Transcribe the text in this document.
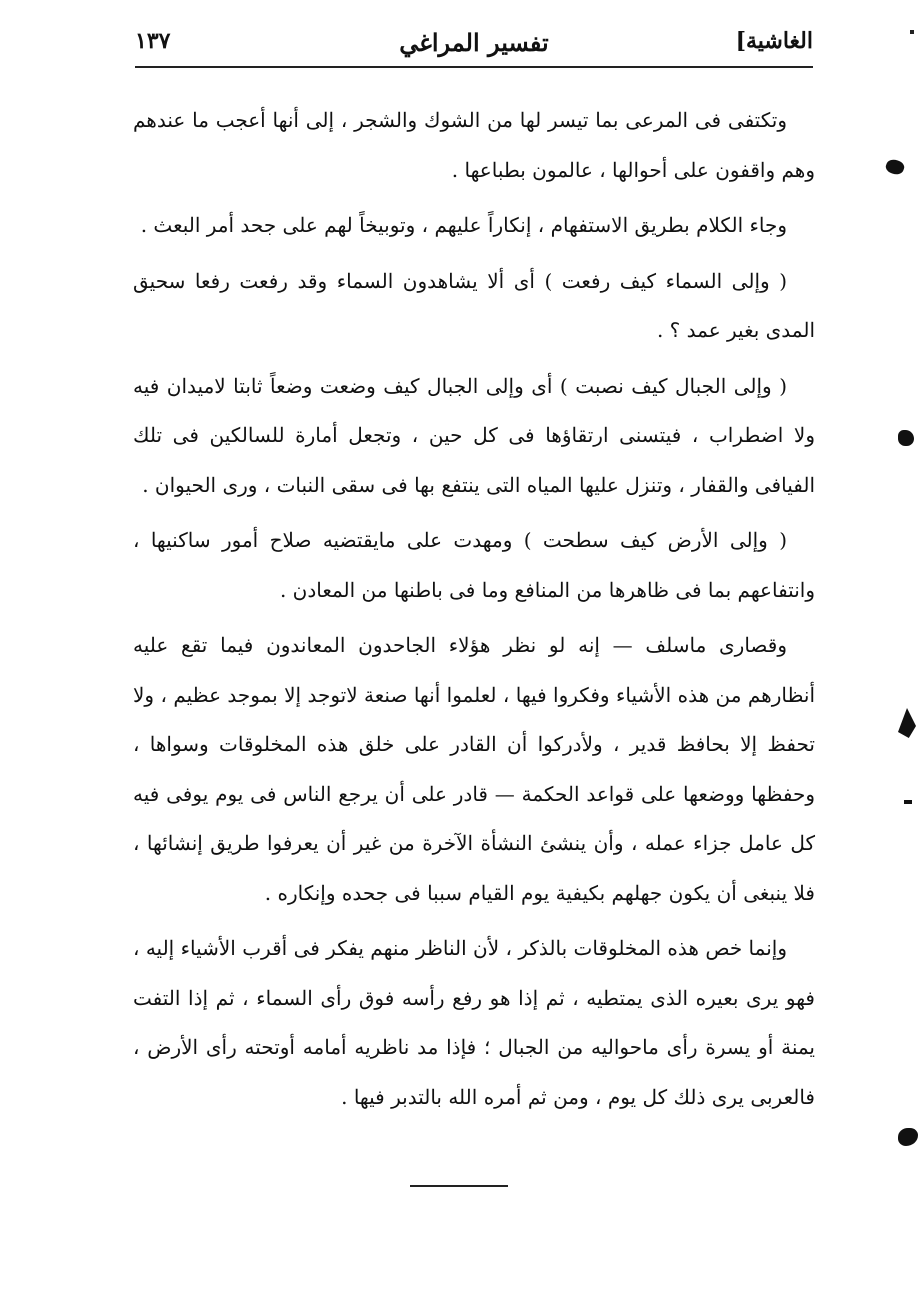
الغاشية]
تفسير المراغي
١٣٧

وتكتفى فى المرعى بما تيسر لها من الشوك والشجر ، إلى أنها أعجب ما عندهم وهم واقفون على أحوالها ، عالمون بطباعها .

وجاء الكلام بطريق الاستفهام ، إنكاراً عليهم ، وتوبيخاً لهم على جحد أمر البعث .

( وإلى السماء كيف رفعت ) أى ألا يشاهدون السماء وقد رفعت رفعا سحيق المدى بغير عمد ؟ .

( وإلى الجبال كيف نصبت ) أى وإلى الجبال كيف وضعت وضعاً ثابتا لاميدان فيه ولا اضطراب ، فيتسنى ارتقاؤها فى كل حين ، وتجعل أمارة للسالكين فى تلك الفيافى والقفار ، وتنزل عليها المياه التى ينتفع بها فى سقى النبات ، ورى الحيوان .

( وإلى الأرض كيف سطحت ) ومهدت على مايقتضيه صلاح أمور ساكنيها ، وانتفاعهم بما فى ظاهرها من المنافع وما فى باطنها من المعادن .

وقصارى ماسلف — إنه لو نظر هؤلاء الجاحدون المعاندون فيما تقع عليه أنظارهم من هذه الأشياء وفكروا فيها ، لعلموا أنها صنعة لاتوجد إلا بموجد عظيم ، ولا تحفظ إلا بحافظ قدير ، ولأدركوا أن القادر على خلق هذه المخلوقات وسواها ، وحفظها ووضعها على قواعد الحكمة — قادر على أن يرجع الناس فى يوم يوفى فيه كل عامل جزاء عمله ، وأن ينشئ النشأة الآخرة من غير أن يعرفوا طريق إنشائها ، فلا ينبغى أن يكون جهلهم بكيفية يوم القيام سببا فى جحده وإنكاره .

وإنما خص هذه المخلوقات بالذكر ، لأن الناظر منهم يفكر فى أقرب الأشياء إليه ، فهو يرى بعيره الذى يمتطيه ، ثم إذا هو رفع رأسه فوق رأى السماء ، ثم إذا التفت يمنة أو يسرة رأى ماحواليه من الجبال ؛ فإذا مد ناظريه أمامه أوتحته رأى الأرض ، فالعربى يرى ذلك كل يوم ، ومن ثم أمره الله بالتدبر فيها .
